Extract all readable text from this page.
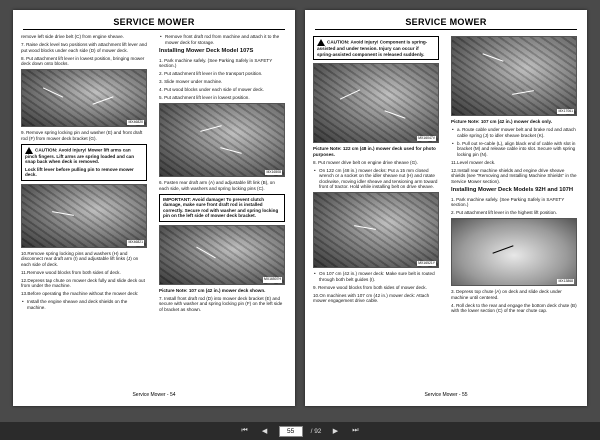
SERVICE MOWER

remove left side drive belt (C) from engine sheave.

7. Raise deck level two positions with attachment lift lever and put wood blocks under each side (D) of mower deck.

8. Put attachment lift lever in lowest position, bringing mower deck down onto blocks.

MX46820

9. Remove spring locking pin and washer (E) and front draft rod (F) from mower deck bracket (G).

CAUTION: Avoid injury! Mower lift arms can pinch fingers. Lift arms are spring loaded and can snap back when deck is removed.
Lock lift lever before pulling pin to remove mower deck.
MX46821

10.Remove spring locking pins and washers (H) and disconnect rear draft arm (I) and adjustable lift links (J) on each side of deck.

11.Remove wood blocks from both sides of deck.

12.Depress tap chute on mower deck fully and slide deck out from under the machine.

13.Before operating the machine without the mower deck:

• Install the engine sheave and deck shields on the machine.

• Remove front draft rod from machine and attach it to the mower deck for storage.

Installing Mower Deck Model 107S

1. Park machine safely. (See Parking Safely in SAFETY section.)

2. Put attachment lift lever in the transport position.

3. Slide mower under machine.

4. Put wood blocks under each side of mower deck.

5. Put attachment lift lever in lowest position.

MX16508

6. Fasten rear draft arm (A) and adjustable lift link (B), on each side, with washers and spring locking pins (C).

IMPORTANT: Avoid damage! To prevent clutch damage, make sure front draft rod is installed correctly. Secure rod with washer and spring locking pin on the left side of mower deck bracket.
MX16507H

Picture Note: 107 cm (42 in.) mower deck shown.

7. Install front draft rod (D) into mower deck bracket (E) and secure with washer and spring locking pin (F) on the left side of bracket as shown.

Service Mower - 54
SERVICE MOWER
CAUTION: Avoid injury! Component is spring-assisted and under tension. Injury can occur if spring-assisted component is released suddenly.
MX16047V

Picture Note: 122 cm (48 in.) mower deck used for photo purposes.

8. Put mower drive belt on engine drive sheave (G).

• On 122 cm (48 in.) mower decks: Put a 15 mm closed wrench or a socket on the idler sheave nut (H) and rotate clockwise, moving idler sheave and tensioning arm toward front of tractor. Hold while installing belt on drive sheave.

MX16521Y

• On 107 cm (42 in.) mower deck: Make sure belt is routed through both belt guides (I).

9. Remove wood blocks from both sides of mower deck.

10.On machines with 107 cm (42 in.) mower deck: Attach mower engagement drive cable.

MX17061

Picture Note: 107 cm (42 in.) mower deck only.

• a. Route cable under mower belt and brake rod and attach cable spring (J) to idler sheave bracket (K).

• b. Pull out re-cable (L), align black end of cable with slot in bracket (M) and release cable into slot. Secure with spring locking pin (N).

11.Level mower deck.

12.Install rear machine shields and engine drive sheave shields (see "Removing and Installing Machine Shields" in the Service Mower section).

Installing Mower Deck Models 92H and 107H

1. Park machine safely. (See Parking Safely in SAFETY section.)

2. Put attachment lift lever in the highest lift position.

MX13868

3. Depress top chute (A) on deck and slide deck under machine until centered.

4. Roll deck to the rear and engage the bottom deck chute (B) with the lower section (C) of the rear chute cap.

Service Mower - 55
⏮	◀	55	/ 92	▶	⏭
